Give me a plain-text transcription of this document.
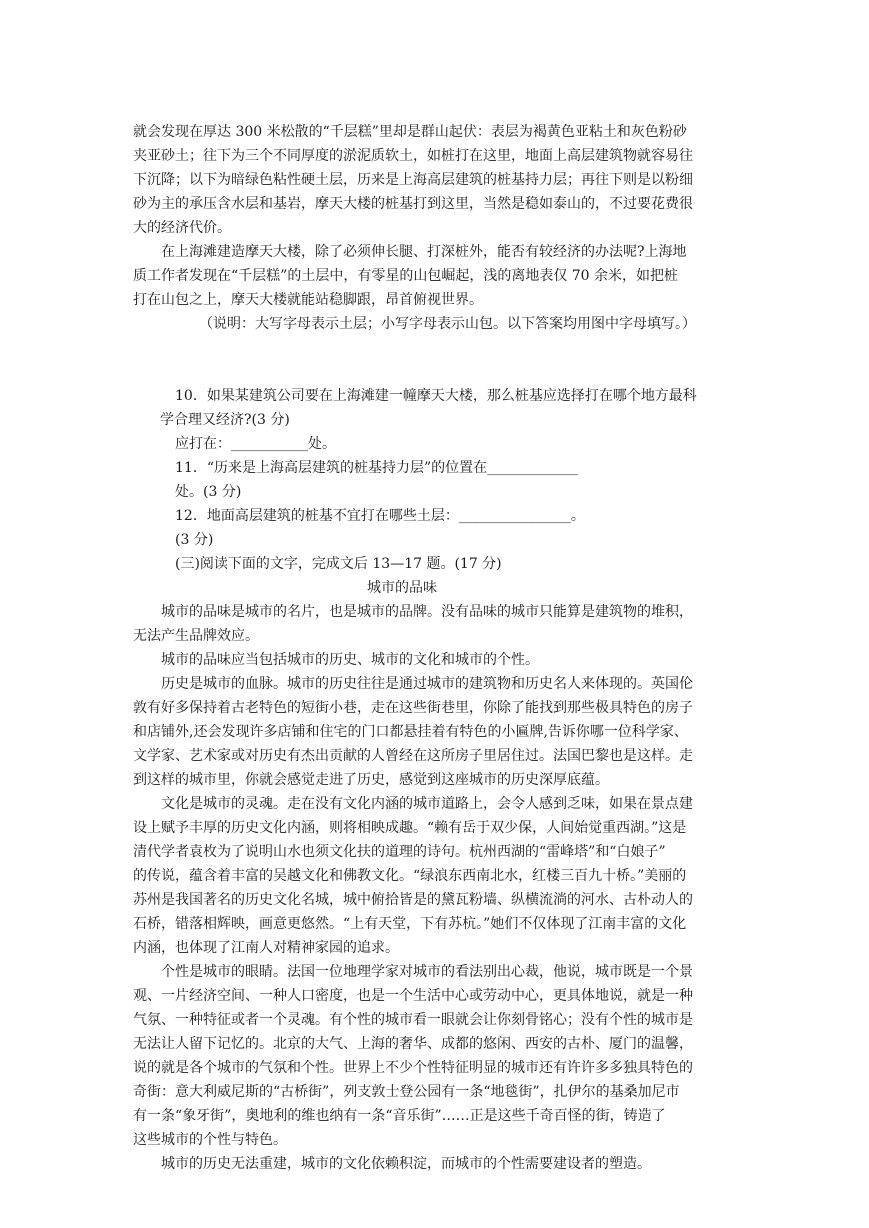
就会发现在厚达 300 米松散的“千层糕”里却是群山起伏：表层为褐黄色亚粘土和灰色粉砂
夹亚砂土；往下为三个不同厚度的淤泥质软土，如桩打在这里，地面上高层建筑物就容易往
下沉降；以下为暗绿色粘性硬土层，历来是上海高层建筑的桩基持力层；再往下则是以粉细
砂为主的承压含水层和基岩，摩天大楼的桩基打到这里，当然是稳如泰山的，不过要花费很
大的经济代价。
在上海滩建造摩天大楼，除了必须伸长腿、打深桩外，能否有较经济的办法呢?上海地
质工作者发现在“千层糕”的土层中，有零星的山包崛起，浅的离地表仅 70 余米，如把桩
打在山包之上，摩天大楼就能站稳脚跟，昂首俯视世界。
（说明：大写字母表示土层；小写字母表示山包。以下答案均用图中字母填写。）
10．如果某建筑公司要在上海滩建一幢摩天大楼，那么桩基应选择打在哪个地方最科
学合理又经济?(3 分)
应打在：___________处。
11．“历来是上海高层建筑的桩基持力层”的位置在_____________
处。(3 分)
12．地面高层建筑的桩基不宜打在哪些土层：________________。
(3 分)
(三)阅读下面的文字，完成文后 13—17 题。(17 分)
城市的品味
城市的品味是城市的名片，也是城市的品牌。没有品味的城市只能算是建筑物的堆积，
无法产生品牌效应。
城市的品味应当包括城市的历史、城市的文化和城市的个性。
历史是城市的血脉。城市的历史往往是通过城市的建筑物和历史名人来体现的。英国伦
敦有好多保持着古老特色的短街小巷，走在这些街巷里，你除了能找到那些极具特色的房子
和店铺外,还会发现许多店铺和住宅的门口都悬挂着有特色的小匾牌,告诉你哪一位科学家、
文学家、艺术家或对历史有杰出贡献的人曾经在这所房子里居住过。法国巴黎也是这样。走
到这样的城市里，你就会感觉走进了历史，感觉到这座城市的历史深厚底蕴。
文化是城市的灵魂。走在没有文化内涵的城市道路上，会令人感到乏味，如果在景点建
设上赋予丰厚的历史文化内涵，则将相映成趣。“赖有岳于双少保，人间始觉重西湖。”这是
清代学者袁枚为了说明山水也须文化扶的道理的诗句。杭州西湖的“雷峰塔”和“白娘子”
的传说，蕴含着丰富的吴越文化和佛教文化。“绿浪东西南北水，红楼三百九十桥。”美丽的
苏州是我国著名的历史文化名城，城中俯拾皆是的黛瓦粉墙、纵横流淌的河水、古朴动人的
石桥，错落相辉映，画意更悠然。“上有天堂，下有苏杭。”她们不仅体现了江南丰富的文化
内涵，也体现了江南人对精神家园的追求。
个性是城市的眼睛。法国一位地理学家对城市的看法别出心裁，他说，城市既是一个景
观、一片经济空间、一种人口密度，也是一个生活中心或劳动中心，更具体地说，就是一种
气氛、一种特征或者一个灵魂。有个性的城市看一眼就会让你刻骨铭心；没有个性的城市是
无法让人留下记忆的。北京的大气、上海的奢华、成都的悠闲、西安的古朴、厦门的温馨，
说的就是各个城市的气氛和个性。世界上不少个性特征明显的城市还有许许多多独具特色的
奇街：意大利威尼斯的“古桥街”，列支敦士登公园有一条“地毯街”，扎伊尔的基桑加尼市
有一条“象牙街”，奥地利的维也纳有一条“音乐街”……正是这些千奇百怪的街，铸造了
这些城市的个性与特色。
城市的历史无法重建，城市的文化依赖积淀，而城市的个性需要建设者的塑造。
